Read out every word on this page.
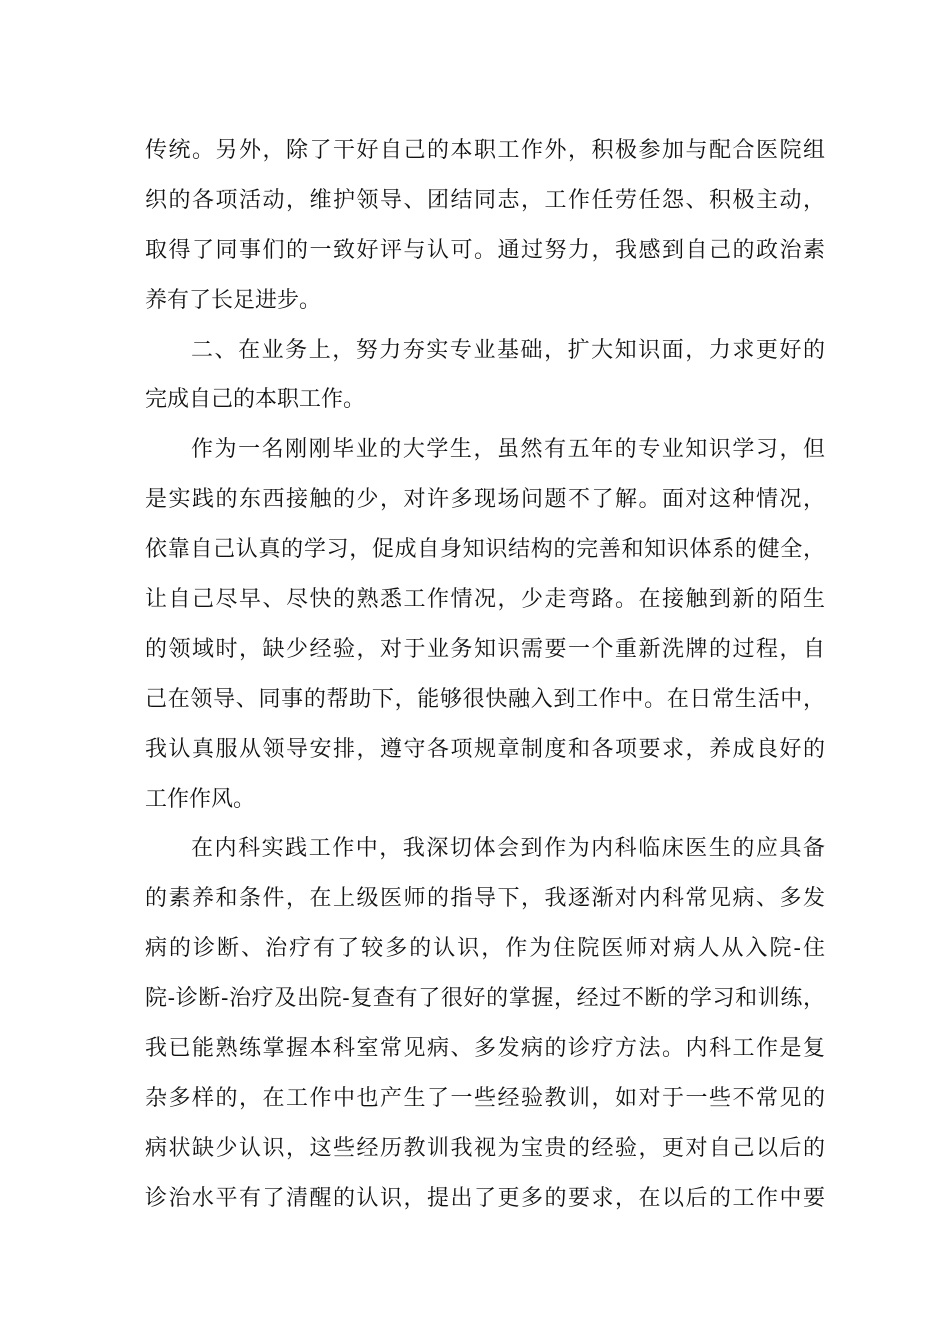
传统。另外，除了干好自己的本职工作外，积极参加与配合医院组
织的各项活动，维护领导、团结同志，工作任劳任怨、积极主动，
取得了同事们的一致好评与认可。通过努力，我感到自己的政治素
养有了长足进步。
二、在业务上，努力夯实专业基础，扩大知识面，力求更好的
完成自己的本职工作。
作为一名刚刚毕业的大学生，虽然有五年的专业知识学习，但
是实践的东西接触的少，对许多现场问题不了解。面对这种情况，
依靠自己认真的学习，促成自身知识结构的完善和知识体系的健全，
让自己尽早、尽快的熟悉工作情况，少走弯路。在接触到新的陌生
的领域时，缺少经验，对于业务知识需要一个重新洗牌的过程，自
己在领导、同事的帮助下，能够很快融入到工作中。在日常生活中，
我认真服从领导安排，遵守各项规章制度和各项要求，养成良好的
工作作风。
在内科实践工作中，我深切体会到作为内科临床医生的应具备
的素养和条件，在上级医师的指导下，我逐渐对内科常见病、多发
病的诊断、治疗有了较多的认识，作为住院医师对病人从入院-住
院-诊断-治疗及出院-复查有了很好的掌握，经过不断的学习和训练，
我已能熟练掌握本科室常见病、多发病的诊疗方法。内科工作是复
杂多样的，在工作中也产生了一些经验教训，如对于一些不常见的
病状缺少认识，这些经历教训我视为宝贵的经验，更对自己以后的
诊治水平有了清醒的认识，提出了更多的要求，在以后的工作中要
